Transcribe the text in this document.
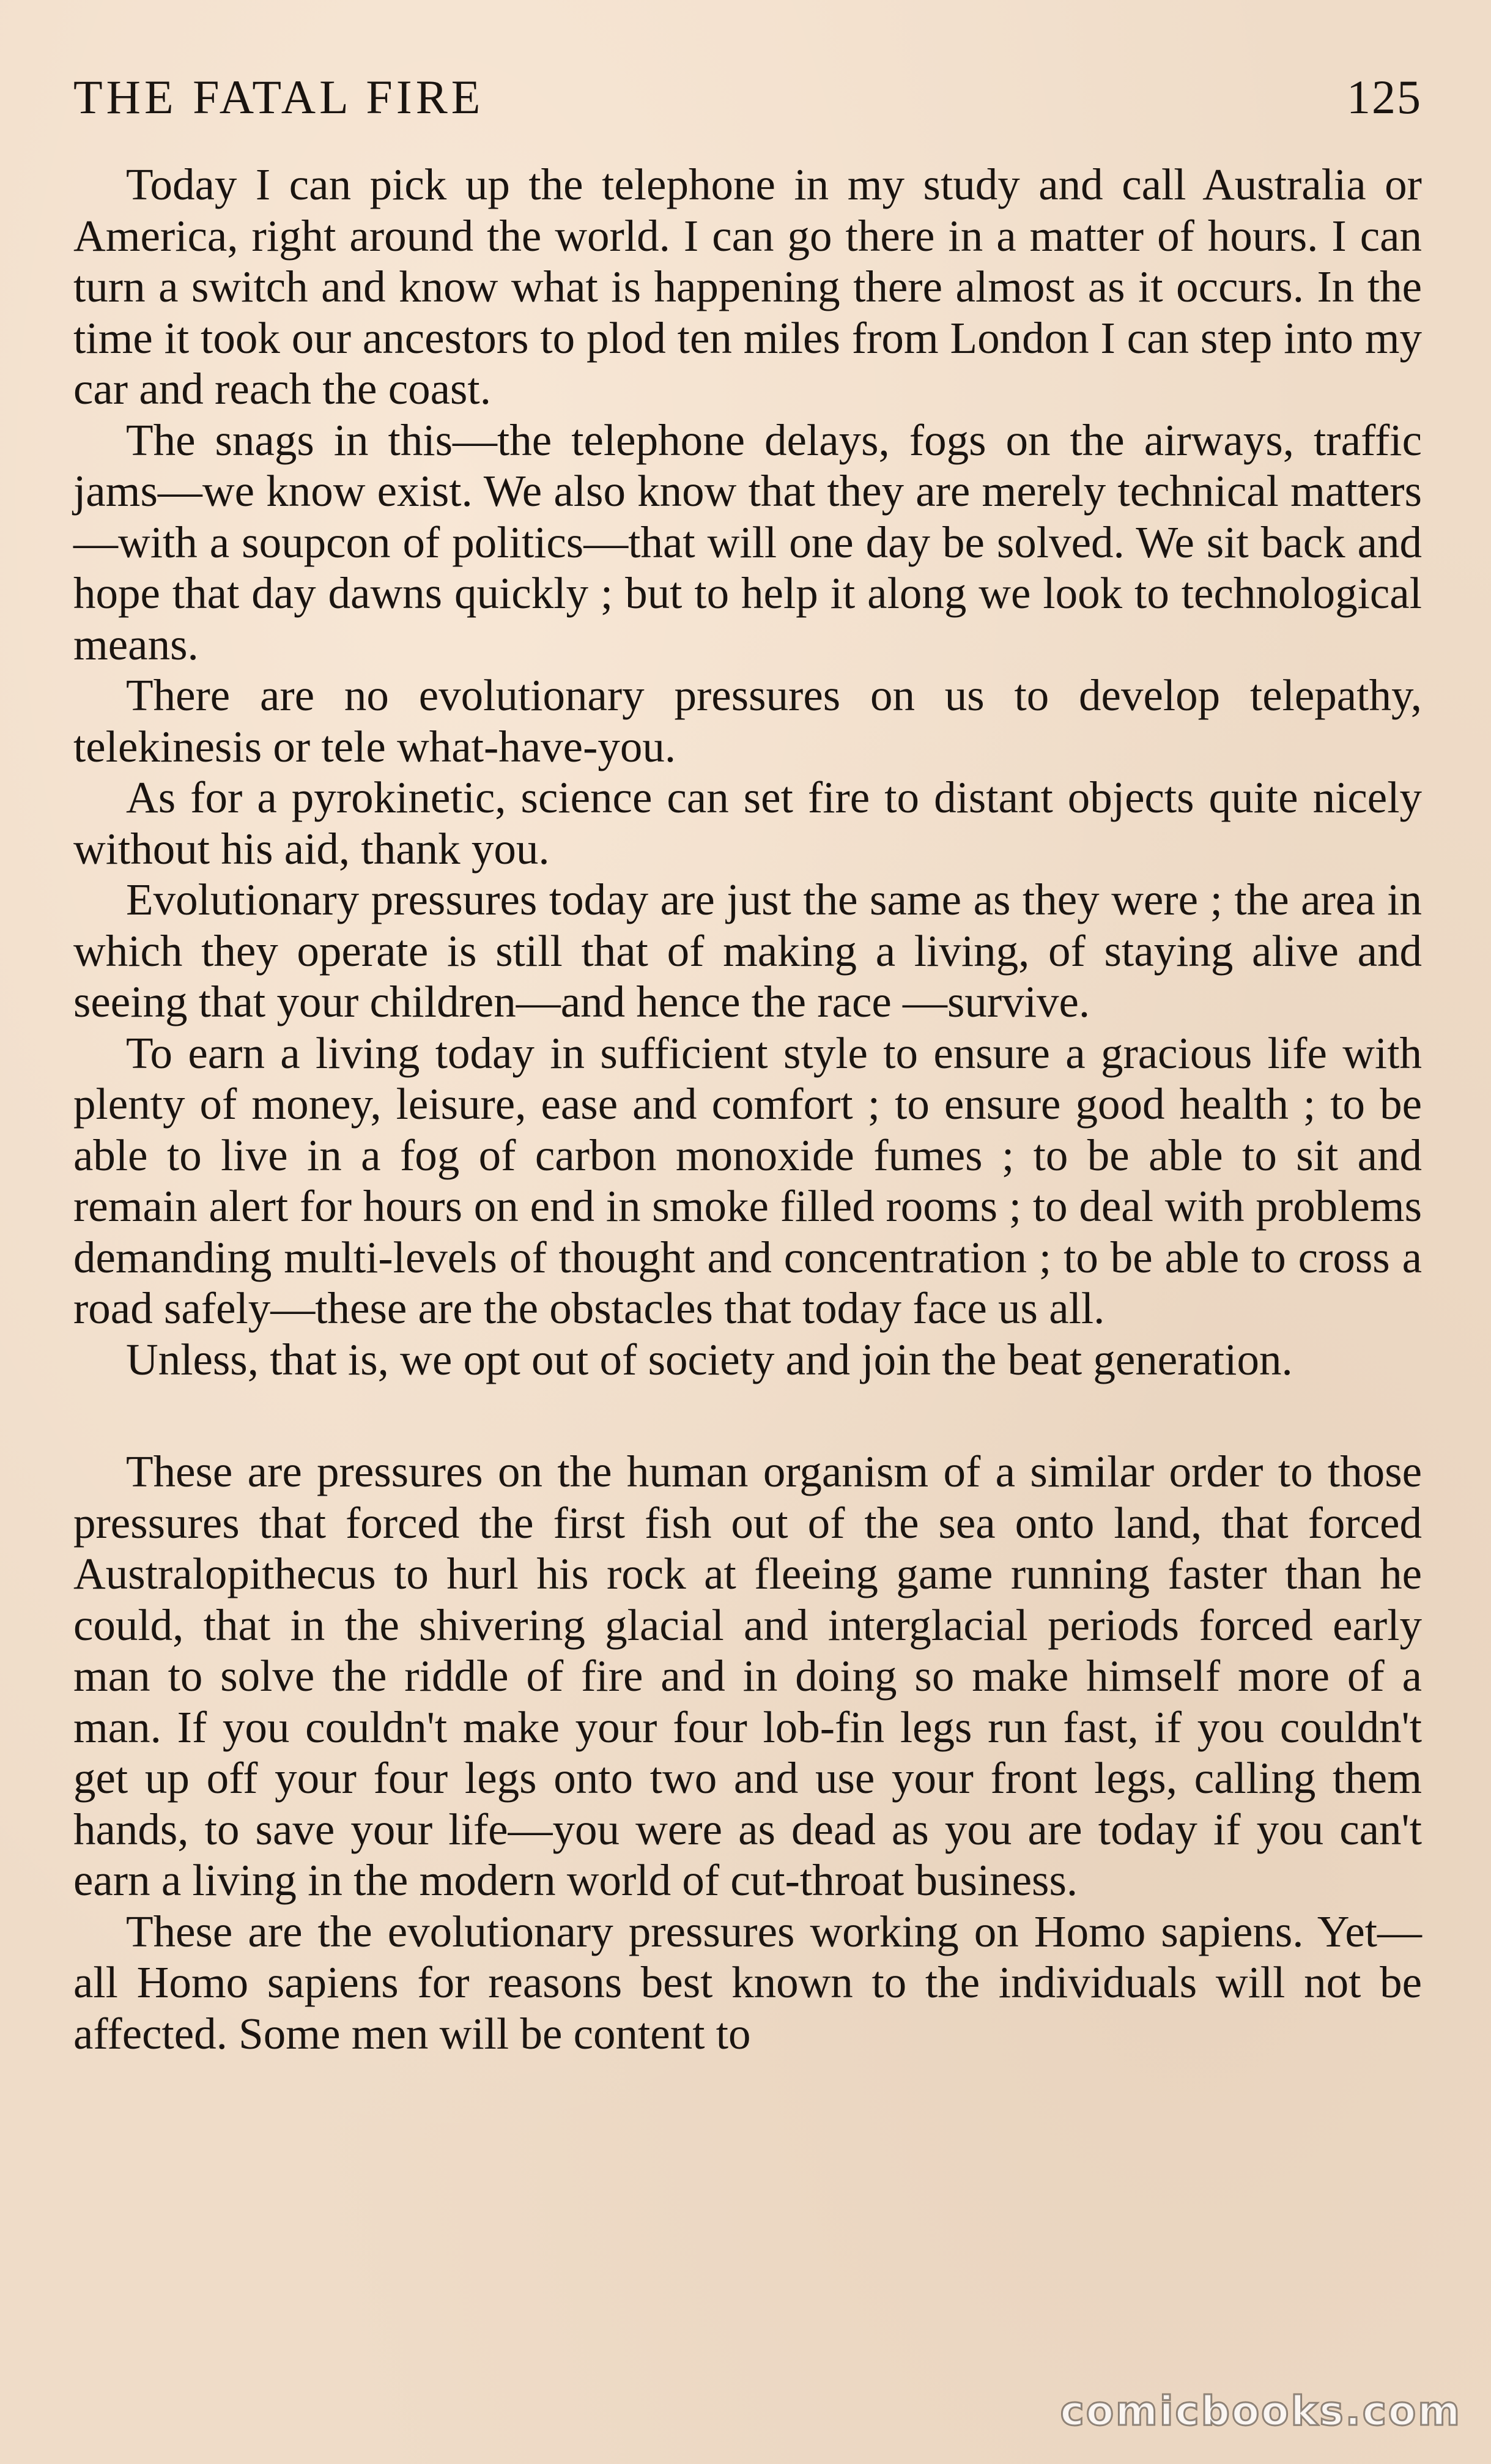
THE FATAL FIRE	125

Today I can pick up the telephone in my study and call Australia or America, right around the world. I can go there in a matter of hours. I can turn a switch and know what is happening there almost as it occurs. In the time it took our ancestors to plod ten miles from London I can step into my car and reach the coast.

The snags in this—the telephone delays, fogs on the airways, traffic jams—we know exist. We also know that they are merely technical matters—with a soupcon of politics—that will one day be solved. We sit back and hope that day dawns quickly ; but to help it along we look to technological means.

There are no evolutionary pressures on us to develop telepathy, telekinesis or tele what-have-you.

As for a pyrokinetic, science can set fire to distant objects quite nicely without his aid, thank you.

Evolutionary pressures today are just the same as they were ; the area in which they operate is still that of making a living, of staying alive and seeing that your children—and hence the race —survive.

To earn a living today in sufficient style to ensure a gracious life with plenty of money, leisure, ease and comfort ; to ensure good health ; to be able to live in a fog of carbon monoxide fumes ; to be able to sit and remain alert for hours on end in smoke filled rooms ; to deal with problems demanding multi-levels of thought and concentration ; to be able to cross a road safely—these are the obstacles that today face us all.

Unless, that is, we opt out of society and join the beat generation.

These are pressures on the human organism of a similar order to those pressures that forced the first fish out of the sea onto land, that forced Australopithecus to hurl his rock at fleeing game running faster than he could, that in the shivering glacial and interglacial periods forced early man to solve the riddle of fire and in doing so make himself more of a man. If you couldn't make your four lob-fin legs run fast, if you couldn't get up off your four legs onto two and use your front legs, calling them hands, to save your life—you were as dead as you are today if you can't earn a living in the modern world of cut-throat business.

These are the evolutionary pressures working on Homo sapiens. Yet—all Homo sapiens for reasons best known to the individuals will not be affected. Some men will be content to

comicbooks.com
